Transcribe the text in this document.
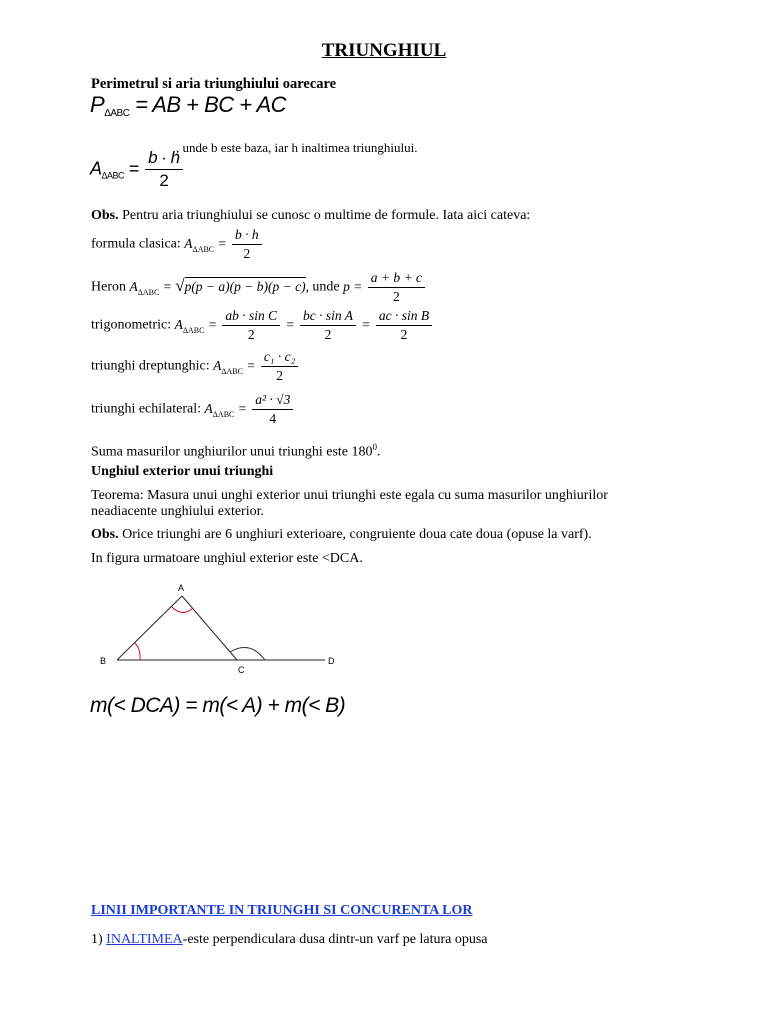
TRIUNGHIUL
Perimetrul si aria triunghiului oarecare
$P_{\Delta ABC}$ = AB + BC + AC
$A_{\Delta ABC} = \frac{b \cdot h}{2}$
, unde b este baza, iar h inaltimea triunghiului.
Obs. Pentru aria triunghiului se cunosc o multime de formule. Iata aici cateva:
formula clasica: $A_{\Delta ABC} = \frac{b \cdot h}{2}$
Heron $A_{\Delta ABC} = √p(p - a)(p - b)(p - c)$, unde $p = \frac{a + b + c}{2}$
trigonometric: $A_{\Delta ABC} = \frac{\text{ab · sin C}}{2} = \frac{\text{bc · sin A}}{2} = \frac{\text{ac · sin B}}{2}$
triunghi dreptunghic: $A_{\Delta ABC} = \frac{\text{c₁ · c₂}}{2}$
triunghi echilateral: $A_{\Delta ABC} = \frac{\text{a² · √3}}{4}$
Suma masurilor unghiurilor unui triunghi este $180^0$.
Unghiul exterior unui triunghi
Teorema: Masura unui unghi exterior unui triunghi este egala cu suma masurilor unghiurilor
neadiacente unghiului exterior.
Obs. Orice triunghi are 6 unghiuri exterioare, congruiente doua cate doua (opuse la varf).
In figura urmatoare unghiul exterior este <DCA.
A
B
C
D
m(< DCA) = m(< A) + m(< B)
LINII IMPORTANTE IN TRIUNGHI SI CONCURENTA LOR
1) INALTIMEA-este perpendiculara dusa dintr-un varf pe latura opusa
